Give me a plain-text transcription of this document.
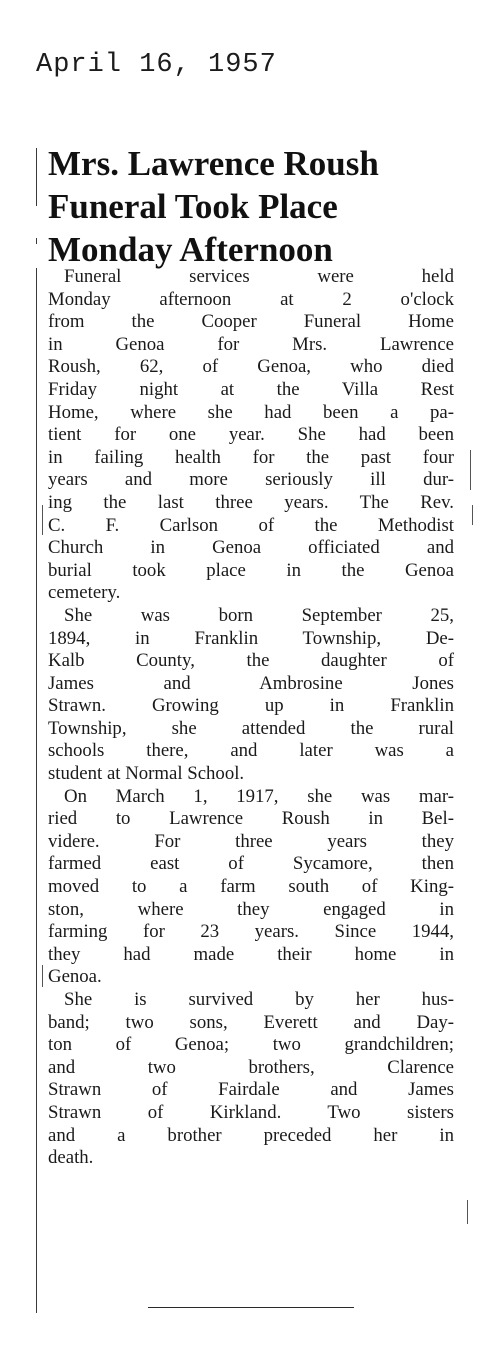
April 16, 1957
Mrs. Lawrence Roush
Funeral Took Place
Monday Afternoon
Funeral services were held
Monday afternoon at 2 o'clock
from the Cooper Funeral Home
in Genoa for Mrs. Lawrence
Roush, 62, of Genoa, who died
Friday night at the Villa Rest
Home, where she had been a pa-
tient for one year. She had been
in failing health for the past four
years and more seriously ill dur-
ing the last three years. The Rev.
C. F. Carlson of the Methodist
Church in Genoa officiated and
burial took place in the Genoa
cemetery.
She was born September 25,
1894, in Franklin Township, De-
Kalb County, the daughter of
James and Ambrosine Jones
Strawn. Growing up in Franklin
Township, she attended the rural
schools there, and later was a
student at Normal School.
On March 1, 1917, she was mar-
ried to Lawrence Roush in Bel-
videre. For three years they
farmed east of Sycamore, then
moved to a farm south of King-
ston, where they engaged in
farming for 23 years. Since 1944,
they had made their home in
Genoa.
She is survived by her hus-
band; two sons, Everett and Day-
ton of Genoa; two grandchildren;
and two brothers, Clarence
Strawn of Fairdale and James
Strawn of Kirkland. Two sisters
and a brother preceded her in
death.
